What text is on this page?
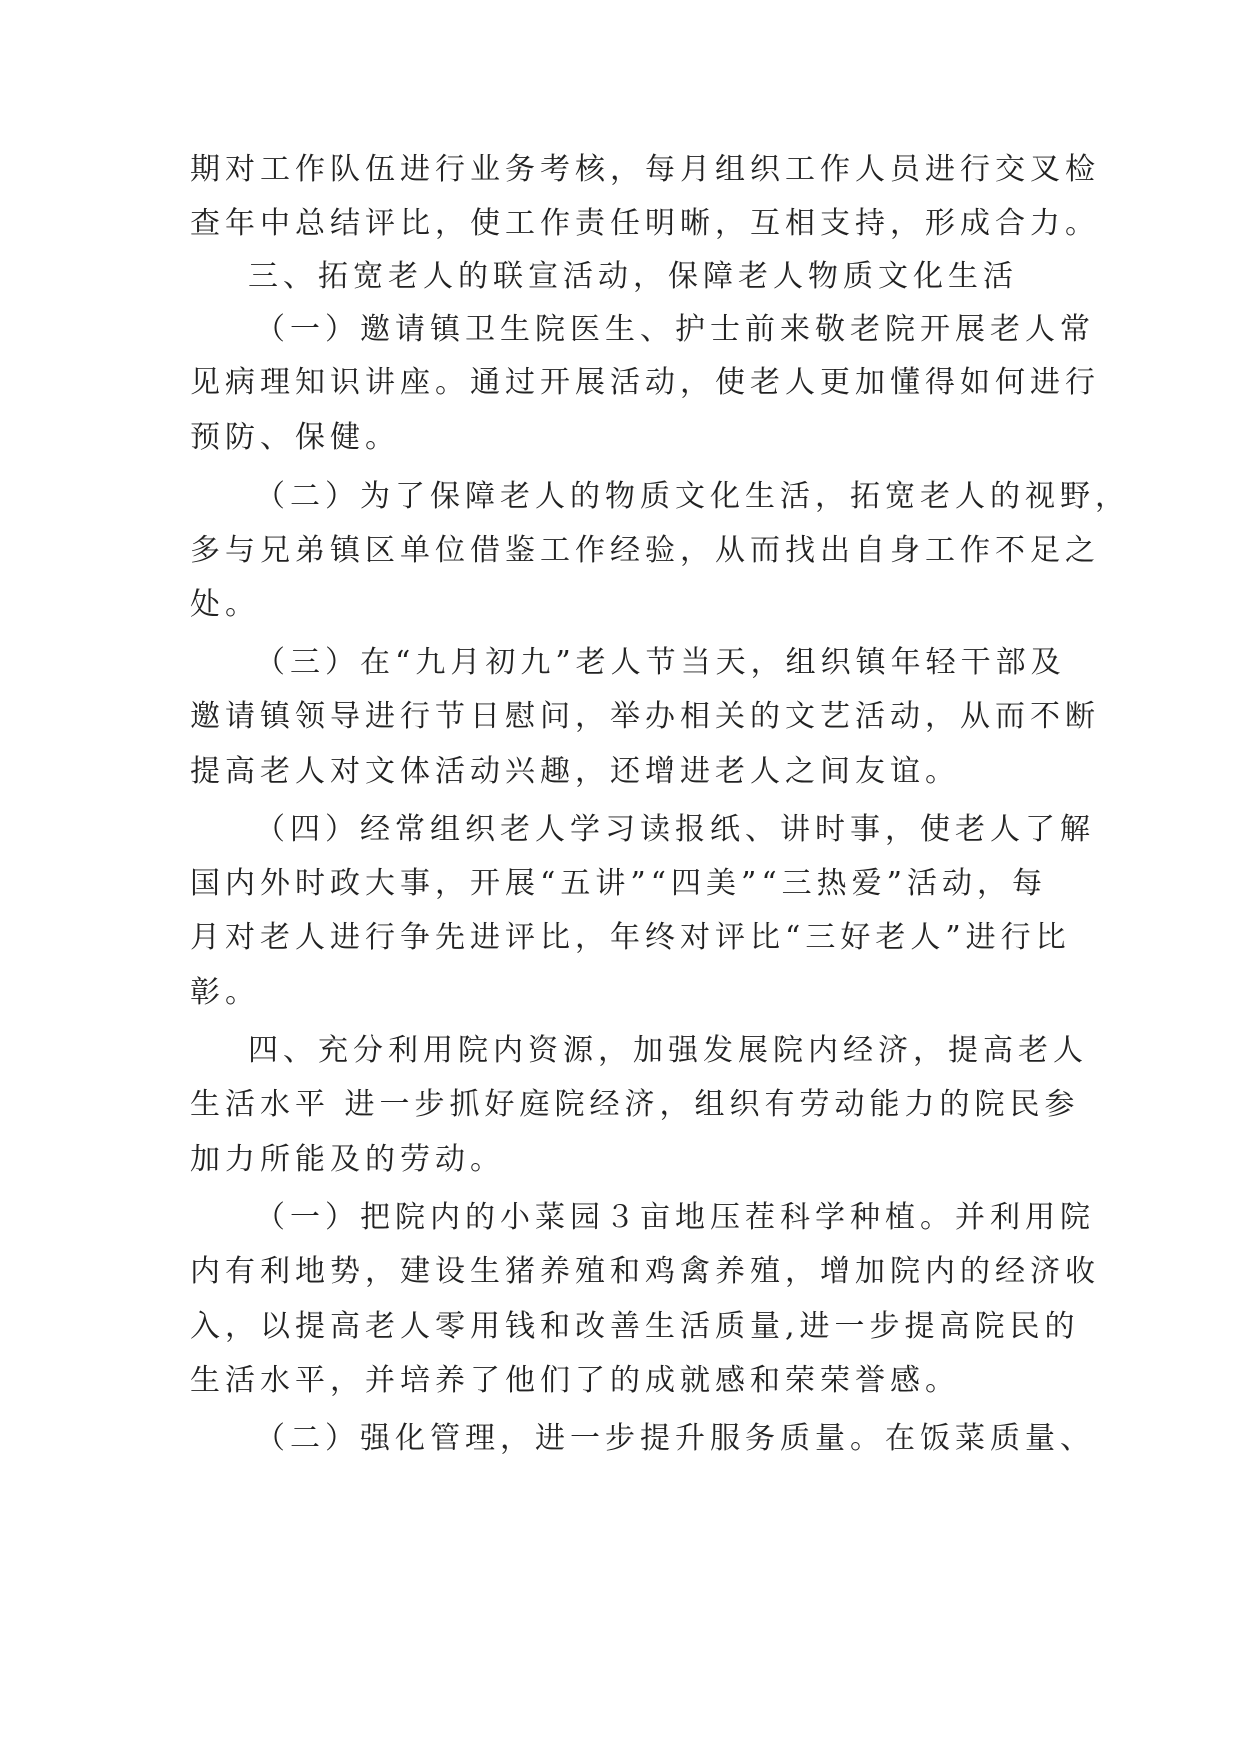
期对工作队伍进行业务考核，每月组织工作人员进行交叉检
查年中总结评比，使工作责任明晰，互相支持，形成合力。
三、拓宽老人的联宣活动，保障老人物质文化生活
（一）邀请镇卫生院医生、护士前来敬老院开展老人常
见病理知识讲座。通过开展活动，使老人更加懂得如何进行
预防、保健。
（二）为了保障老人的物质文化生活，拓宽老人的视野，
多与兄弟镇区单位借鉴工作经验，从而找出自身工作不足之
处。
（三）在“九月初九”老人节当天，组织镇年轻干部及
邀请镇领导进行节日慰问，举办相关的文艺活动，从而不断
提高老人对文体活动兴趣，还增进老人之间友谊。
（四）经常组织老人学习读报纸、讲时事，使老人了解
国内外时政大事，开展“五讲”“四美”“三热爱”活动，每
月对老人进行争先进评比，年终对评比“三好老人”进行比
彰。
四、充分利用院内资源，加强发展院内经济，提高老人
生活水平 进一步抓好庭院经济，组织有劳动能力的院民参
加力所能及的劳动。
（一）把院内的小菜园３亩地压茬科学种植。并利用院
内有利地势，建设生猪养殖和鸡禽养殖，增加院内的经济收
入，以提高老人零用钱和改善生活质量,进一步提高院民的
生活水平，并培养了他们了的成就感和荣荣誉感。
（二）强化管理，进一步提升服务质量。在饭菜质量、
